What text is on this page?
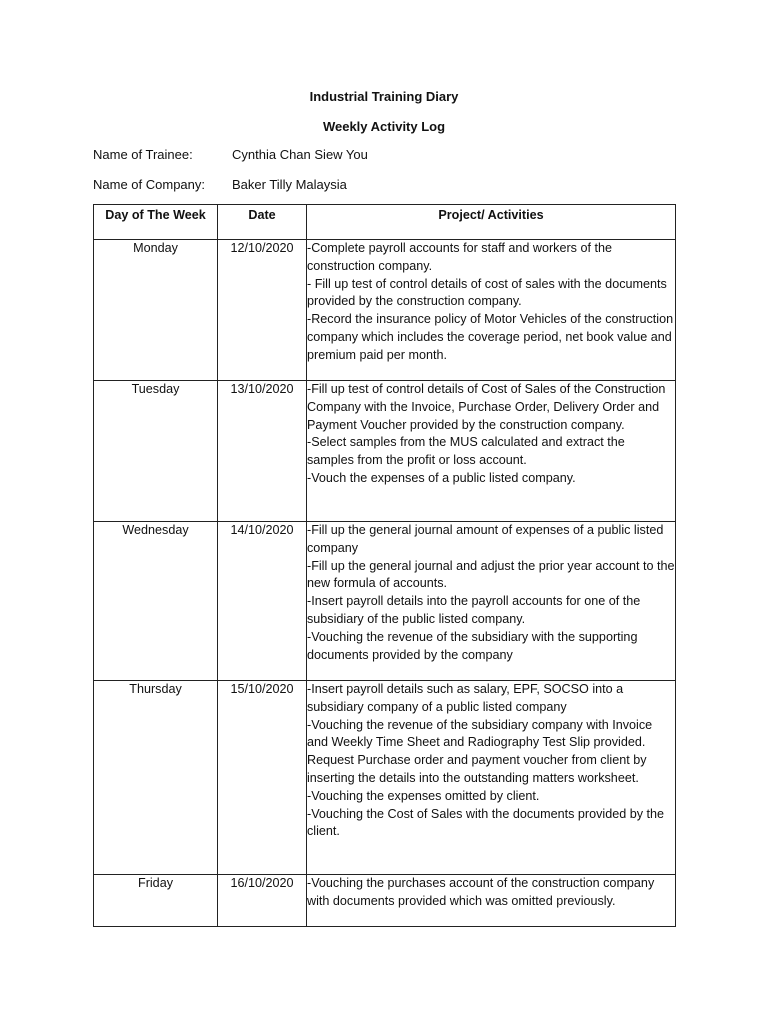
Industrial Training Diary
Weekly Activity Log
Name of Trainee:	Cynthia Chan Siew You
Name of Company: Baker Tilly Malaysia
Day of The Week	Date	Project/ Activities
Monday	12/10/2020	-Complete payroll accounts for staff and workers of the construction company.
- Fill up test of control details of cost of sales with the documents provided by the construction company.
-Record the insurance policy of Motor Vehicles of the construction company which includes the coverage period, net book value and premium paid per month.

Tuesday	13/10/2020	-Fill up test of control details of Cost of Sales of the Construction Company with the Invoice, Purchase Order, Delivery Order and Payment Voucher provided by the construction company.
-Select samples from the MUS calculated and extract the samples from the profit or loss account.
-Vouch the expenses of a public listed company.

Wednesday	14/10/2020	-Fill up the general journal amount of expenses of a public listed company
-Fill up the general journal and adjust the prior year account to the new formula of accounts.
-Insert payroll details into the payroll accounts for one of the subsidiary of the public listed company.
-Vouching the revenue of the subsidiary with the supporting documents provided by the company

Thursday	15/10/2020	-Insert payroll details such as salary, EPF, SOCSO into a subsidiary company of a public listed company
-Vouching the revenue of the subsidiary company with Invoice and Weekly Time Sheet and Radiography Test Slip provided. Request Purchase order and payment voucher from client by inserting the details into the outstanding matters worksheet.
-Vouching the expenses omitted by client.
-Vouching the Cost of Sales with the documents provided by the client.

Friday	16/10/2020	-Vouching the purchases account of the construction company with documents provided which was omitted previously.
